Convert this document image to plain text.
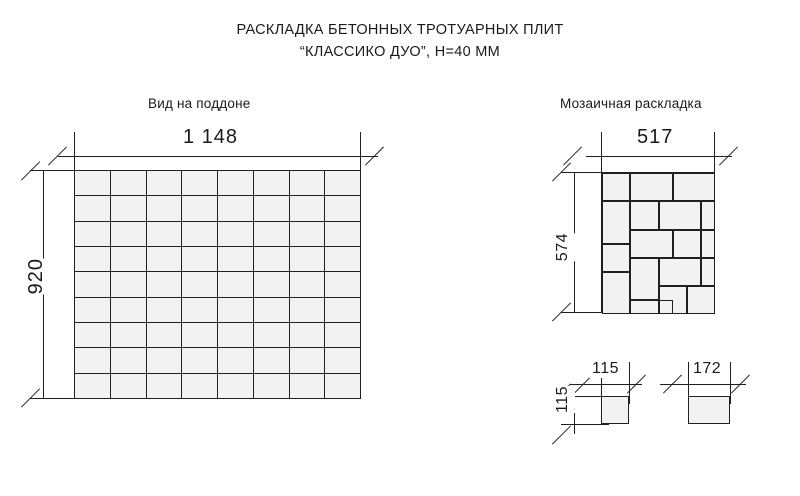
РАСКЛАДКА БЕТОННЫХ ТРОТУАРНЫХ ПЛИТ
“КЛАССИКО ДУО”, H=40 ММ
Вид на поддоне
1 148
920
Мозаичная раскладка
517
574
115
115
172
